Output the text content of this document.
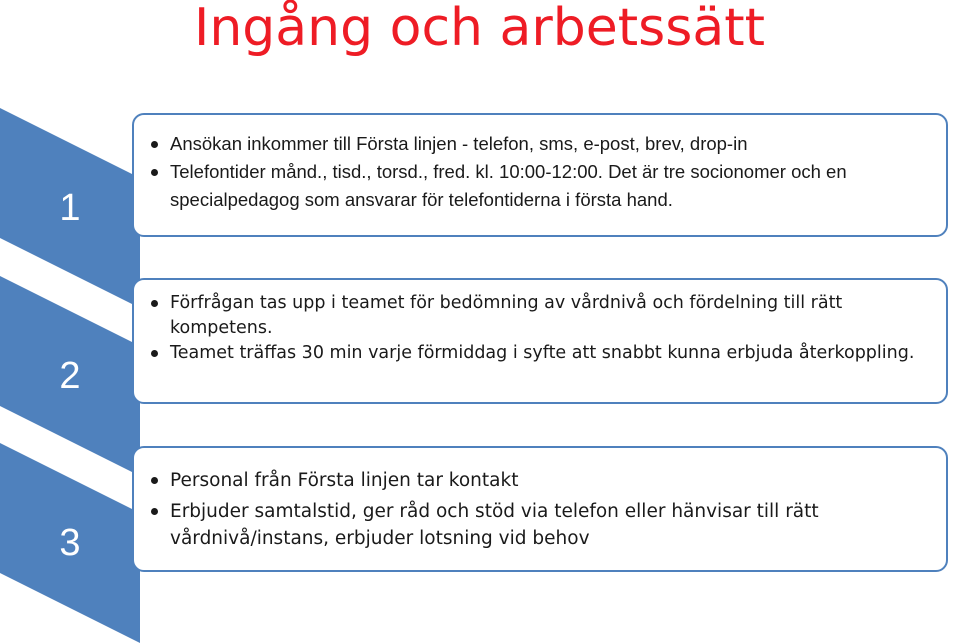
Ingång och arbetssätt
1
Ansökan inkommer till Första linjen - telefon, sms, e-post, brev, drop-in
Telefontider månd., tisd., torsd., fred. kl. 10:00-12:00. Det är tre socionomer och en specialpedagog som ansvarar för telefontiderna i första hand.
2
Förfrågan tas upp i teamet för bedömning av vårdnivå och fördelning till rätt kompetens.
Teamet träffas 30 min varje förmiddag i syfte att snabbt kunna erbjuda återkoppling.
3
Personal från Första linjen tar kontakt
Erbjuder samtalstid, ger råd och stöd via telefon eller hänvisar till rätt vårdnivå/instans, erbjuder lotsning vid behov
